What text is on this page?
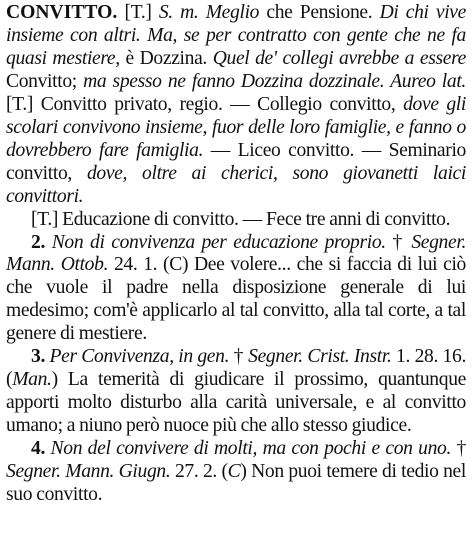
CONVITTO. [T.] S. m. Meglio che Pensione. Di chi vive insieme con altri. Ma, se per contratto con gente che ne fa quasi mestiere, è Dozzina. Quel de' collegi avrebbe a essere Convitto; ma spesso ne fanno Dozzina dozzinale. Aureo lat. [T.] Convitto privato, regio. — Collegio convitto, dove gli scolari convivono insieme, fuor delle loro famiglie, e fanno o dovrebbero fare famiglia. — Liceo convitto. — Seminario convitto, dove, oltre ai cherici, sono giovanetti laici convittori.

[T.] Educazione di convitto. — Fece tre anni di convitto.

2. Non di convivenza per educazione proprio. † Segner. Mann. Ottob. 24. 1. (C) Dee volere... che si faccia di lui ciò che vuole il padre nella disposizione generale di lui medesimo; com'è applicarlo al tal convitto, alla tal corte, a tal genere di mestiere.

3. Per Convivenza, in gen. † Segner. Crist. Instr. 1. 28. 16. (Man.) La temerità di giudicare il prossimo, quantunque apporti molto disturbo alla carità universale, e al convitto umano; a niuno però nuoce più che allo stesso giudice.

4. Non del convivere di molti, ma con pochi e con uno. † Segner. Mann. Giugn. 27. 2. (C) Non puoi temere di tedio nel suo convitto.
